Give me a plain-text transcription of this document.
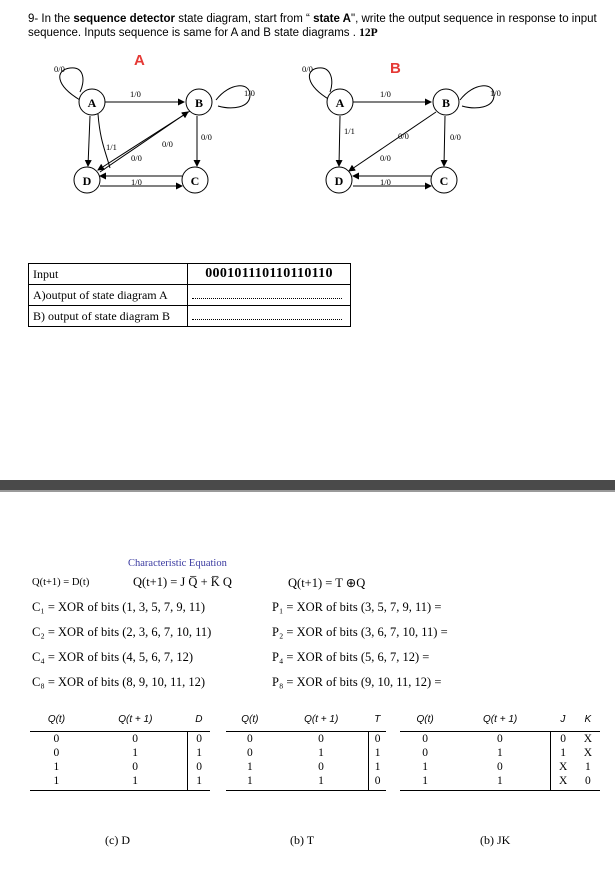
9- In the sequence detector state diagram, start from “ state A", write the output sequence in response to input sequence. Inputs sequence is same for A and B state diagrams . 12P
A	B
A	B
C
D
0/0
1/0	1/0
1/1	0/0
0/0
0/0
1/0
A	B
C
D
0/0
1/0	1/0
1/1	0/0	0/0
0/0
1/0
Input	000101110110110110
A)output of state diagram A	
B) output of state diagram B	
Characteristic Equation
Q(t+1) = D(t)	Q(t+1) = J Q̅ + K̅ Q	Q(t+1) = T ⊕Q
C₁ = XOR of bits (1, 3, 5, 7, 9, 11)
C₂ = XOR of bits (2, 3, 6, 7, 10, 11)
C₄ = XOR of bits (4, 5, 6, 7, 12)
C₈ = XOR of bits (8, 9, 10, 11, 12)
P₁ = XOR of bits (3, 5, 7, 9, 11) =
P₂ = XOR of bits (3, 6, 7, 10, 11) =
P₄ = XOR of bits (5, 6, 7, 12) =
P₈ = XOR of bits (9, 10, 11, 12) =
Q(t)	Q(t + 1)	D
0	0	0
0	1	1
1	0	0
1	1	1
(c) D
Q(t)	Q(t + 1)	T
0	0	0
0	1	1
1	0	1
1	1	0
(b) T
Q(t)	Q(t + 1)	J	K
0	0	0	X
0	1	1	X
1	0	X	1
1	1	X	0
(b) JK
